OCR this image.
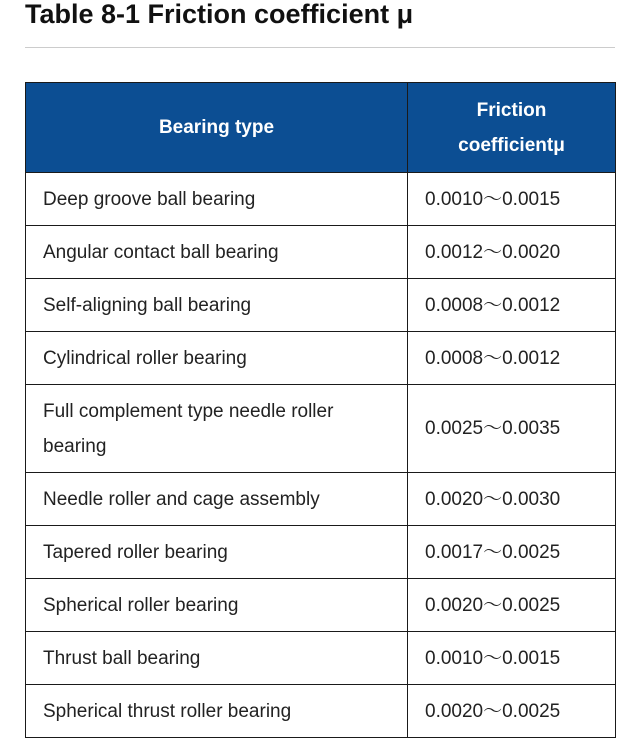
Table 8-1 Friction coefficient μ
Bearing type	Friction
coefficientμ

Deep groove ball bearing	0.0010～0.0015
Angular contact ball bearing	0.0012～0.0020
Self-aligning ball bearing	0.0008～0.0012
Cylindrical roller bearing	0.0008～0.0012
Full complement type needle roller bearing	0.0025～0.0035
Needle roller and cage assembly	0.0020～0.0030
Tapered roller bearing	0.0017～0.0025
Spherical roller bearing	0.0020～0.0025
Thrust ball bearing	0.0010～0.0015
Spherical thrust roller bearing	0.0020～0.0025
